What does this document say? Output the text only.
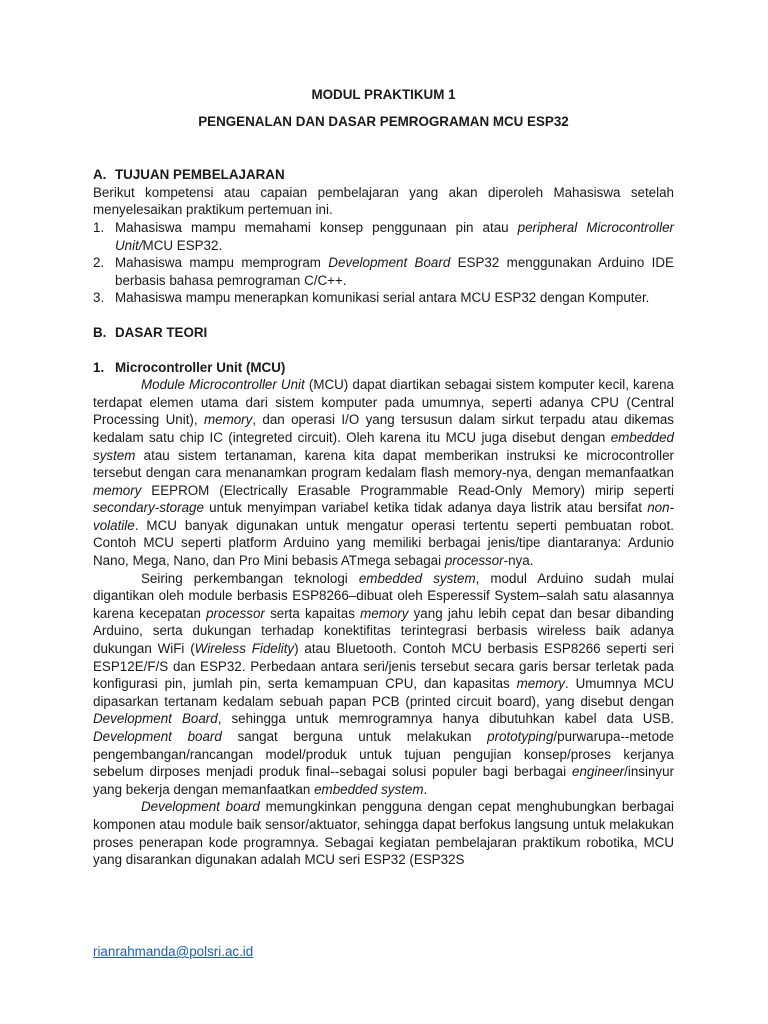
MODUL PRAKTIKUM 1
PENGENALAN DAN DASAR PEMROGRAMAN MCU ESP32
A. TUJUAN PEMBELAJARAN

Berikut kompetensi atau capaian pembelajaran yang akan diperoleh Mahasiswa setelah menyelesaikan praktikum pertemuan ini.

1. Mahasiswa mampu memahami konsep penggunaan pin atau peripheral Microcontroller Unit/MCU ESP32.
2. Mahasiswa mampu memprogram Development Board ESP32 menggunakan Arduino IDE berbasis bahasa pemrograman C/C++.
3. Mahasiswa mampu menerapkan komunikasi serial antara MCU ESP32 dengan Komputer.
B. DASAR TEORI
1. Microcontroller Unit (MCU)

Module Microcontroller Unit (MCU) dapat diartikan sebagai sistem komputer kecil, karena terdapat elemen utama dari sistem komputer pada umumnya, seperti adanya CPU (Central Processing Unit), memory, dan operasi I/O yang tersusun dalam sirkut terpadu atau dikemas kedalam satu chip IC (integreted circuit). Oleh karena itu MCU juga disebut dengan embedded system atau sistem tertanaman, karena kita dapat memberikan instruksi ke microcontroller tersebut dengan cara menanamkan program kedalam flash memory-nya, dengan memanfaatkan memory EEPROM (Electrically Erasable Programmable Read-Only Memory) mirip seperti secondary-storage untuk menyimpan variabel ketika tidak adanya daya listrik atau bersifat non-volatile. MCU banyak digunakan untuk mengatur operasi tertentu seperti pembuatan robot. Contoh MCU seperti platform Arduino yang memiliki berbagai jenis/tipe diantaranya: Ardunio Nano, Mega, Nano, dan Pro Mini bebasis ATmega sebagai processor-nya.

Seiring perkembangan teknologi embedded system, modul Arduino sudah mulai digantikan oleh module berbasis ESP8266–dibuat oleh Esperessif System–salah satu alasannya karena kecepatan processor serta kapaitas memory yang jahu lebih cepat dan besar dibanding Arduino, serta dukungan terhadap konektifitas terintegrasi berbasis wireless baik adanya dukungan WiFi (Wireless Fidelity) atau Bluetooth. Contoh MCU berbasis ESP8266 seperti seri ESP12E/F/S dan ESP32. Perbedaan antara seri/jenis tersebut secara garis bersar terletak pada konfigurasi pin, jumlah pin, serta kemampuan CPU, dan kapasitas memory. Umumnya MCU dipasarkan tertanam kedalam sebuah papan PCB (printed circuit board), yang disebut dengan Development Board, sehingga untuk memrogramnya hanya dibutuhkan kabel data USB. Development board sangat berguna untuk melakukan prototyping/purwarupa--metode pengembangan/rancangan model/produk untuk tujuan pengujian konsep/proses kerjanya sebelum dirposes menjadi produk final--sebagai solusi populer bagi berbagai engineer/insinyur yang bekerja dengan memanfaatkan embedded system.

Development board memungkinkan pengguna dengan cepat menghubungkan berbagai komponen atau module baik sensor/aktuator, sehingga dapat berfokus langsung untuk melakukan proses penerapan kode programnya. Sebagai kegiatan pembelajaran praktikum robotika, MCU yang disarankan digunakan adalah MCU seri ESP32 (ESP32S

rianrahmanda@polsri.ac.id
